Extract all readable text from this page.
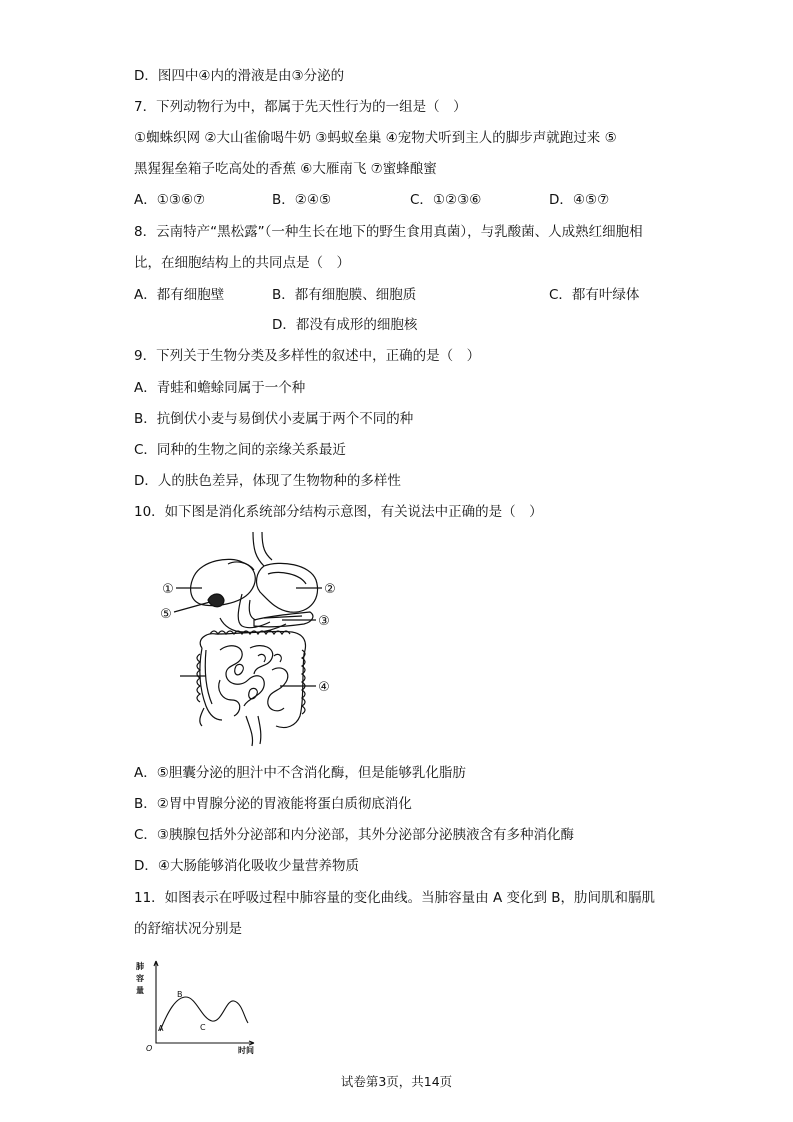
D．图四中④内的滑液是由③分泌的
7．下列动物行为中，都属于先天性行为的一组是（　）
①蜘蛛织网 ②大山雀偷喝牛奶 ③蚂蚁垒巢 ④宠物犬听到主人的脚步声就跑过来 ⑤
黑猩猩垒箱子吃高处的香蕉 ⑥大雁南飞 ⑦蜜蜂酿蜜
A．①③⑥⑦	B．②④⑤	C．①②③⑥	D．④⑤⑦
8．云南特产“黑松露”（一种生长在地下的野生食用真菌），与乳酸菌、人成熟红细胞相
比，在细胞结构上的共同点是（　）
A．都有细胞壁	B．都有细胞膜、细胞质	C．都有叶绿体
D．都没有成形的细胞核
9．下列关于生物分类及多样性的叙述中，正确的是（　）
A．青蛙和蟾蜍同属于一个种
B．抗倒伏小麦与易倒伏小麦属于两个不同的种
C．同种的生物之间的亲缘关系最近
D．人的肤色差异，体现了生物物种的多样性
10．如下图是消化系统部分结构示意图，有关说法中正确的是（　）
①	②
③
④
⑤
A．⑤胆囊分泌的胆汁中不含消化酶，但是能够乳化脂肪
B．②胃中胃腺分泌的胃液能将蛋白质彻底消化
C．③胰腺包括外分泌部和内分泌部，其外分泌部分泌胰液含有多种消化酶
D．④大肠能够消化吸收少量营养物质
11．如图表示在呼吸过程中肺容量的变化曲线。当肺容量由 A 变化到 B，肋间肌和膈肌
的舒缩状况分别是
肺
容
量
时间
O
A
B
C
试卷第3页，共14页
